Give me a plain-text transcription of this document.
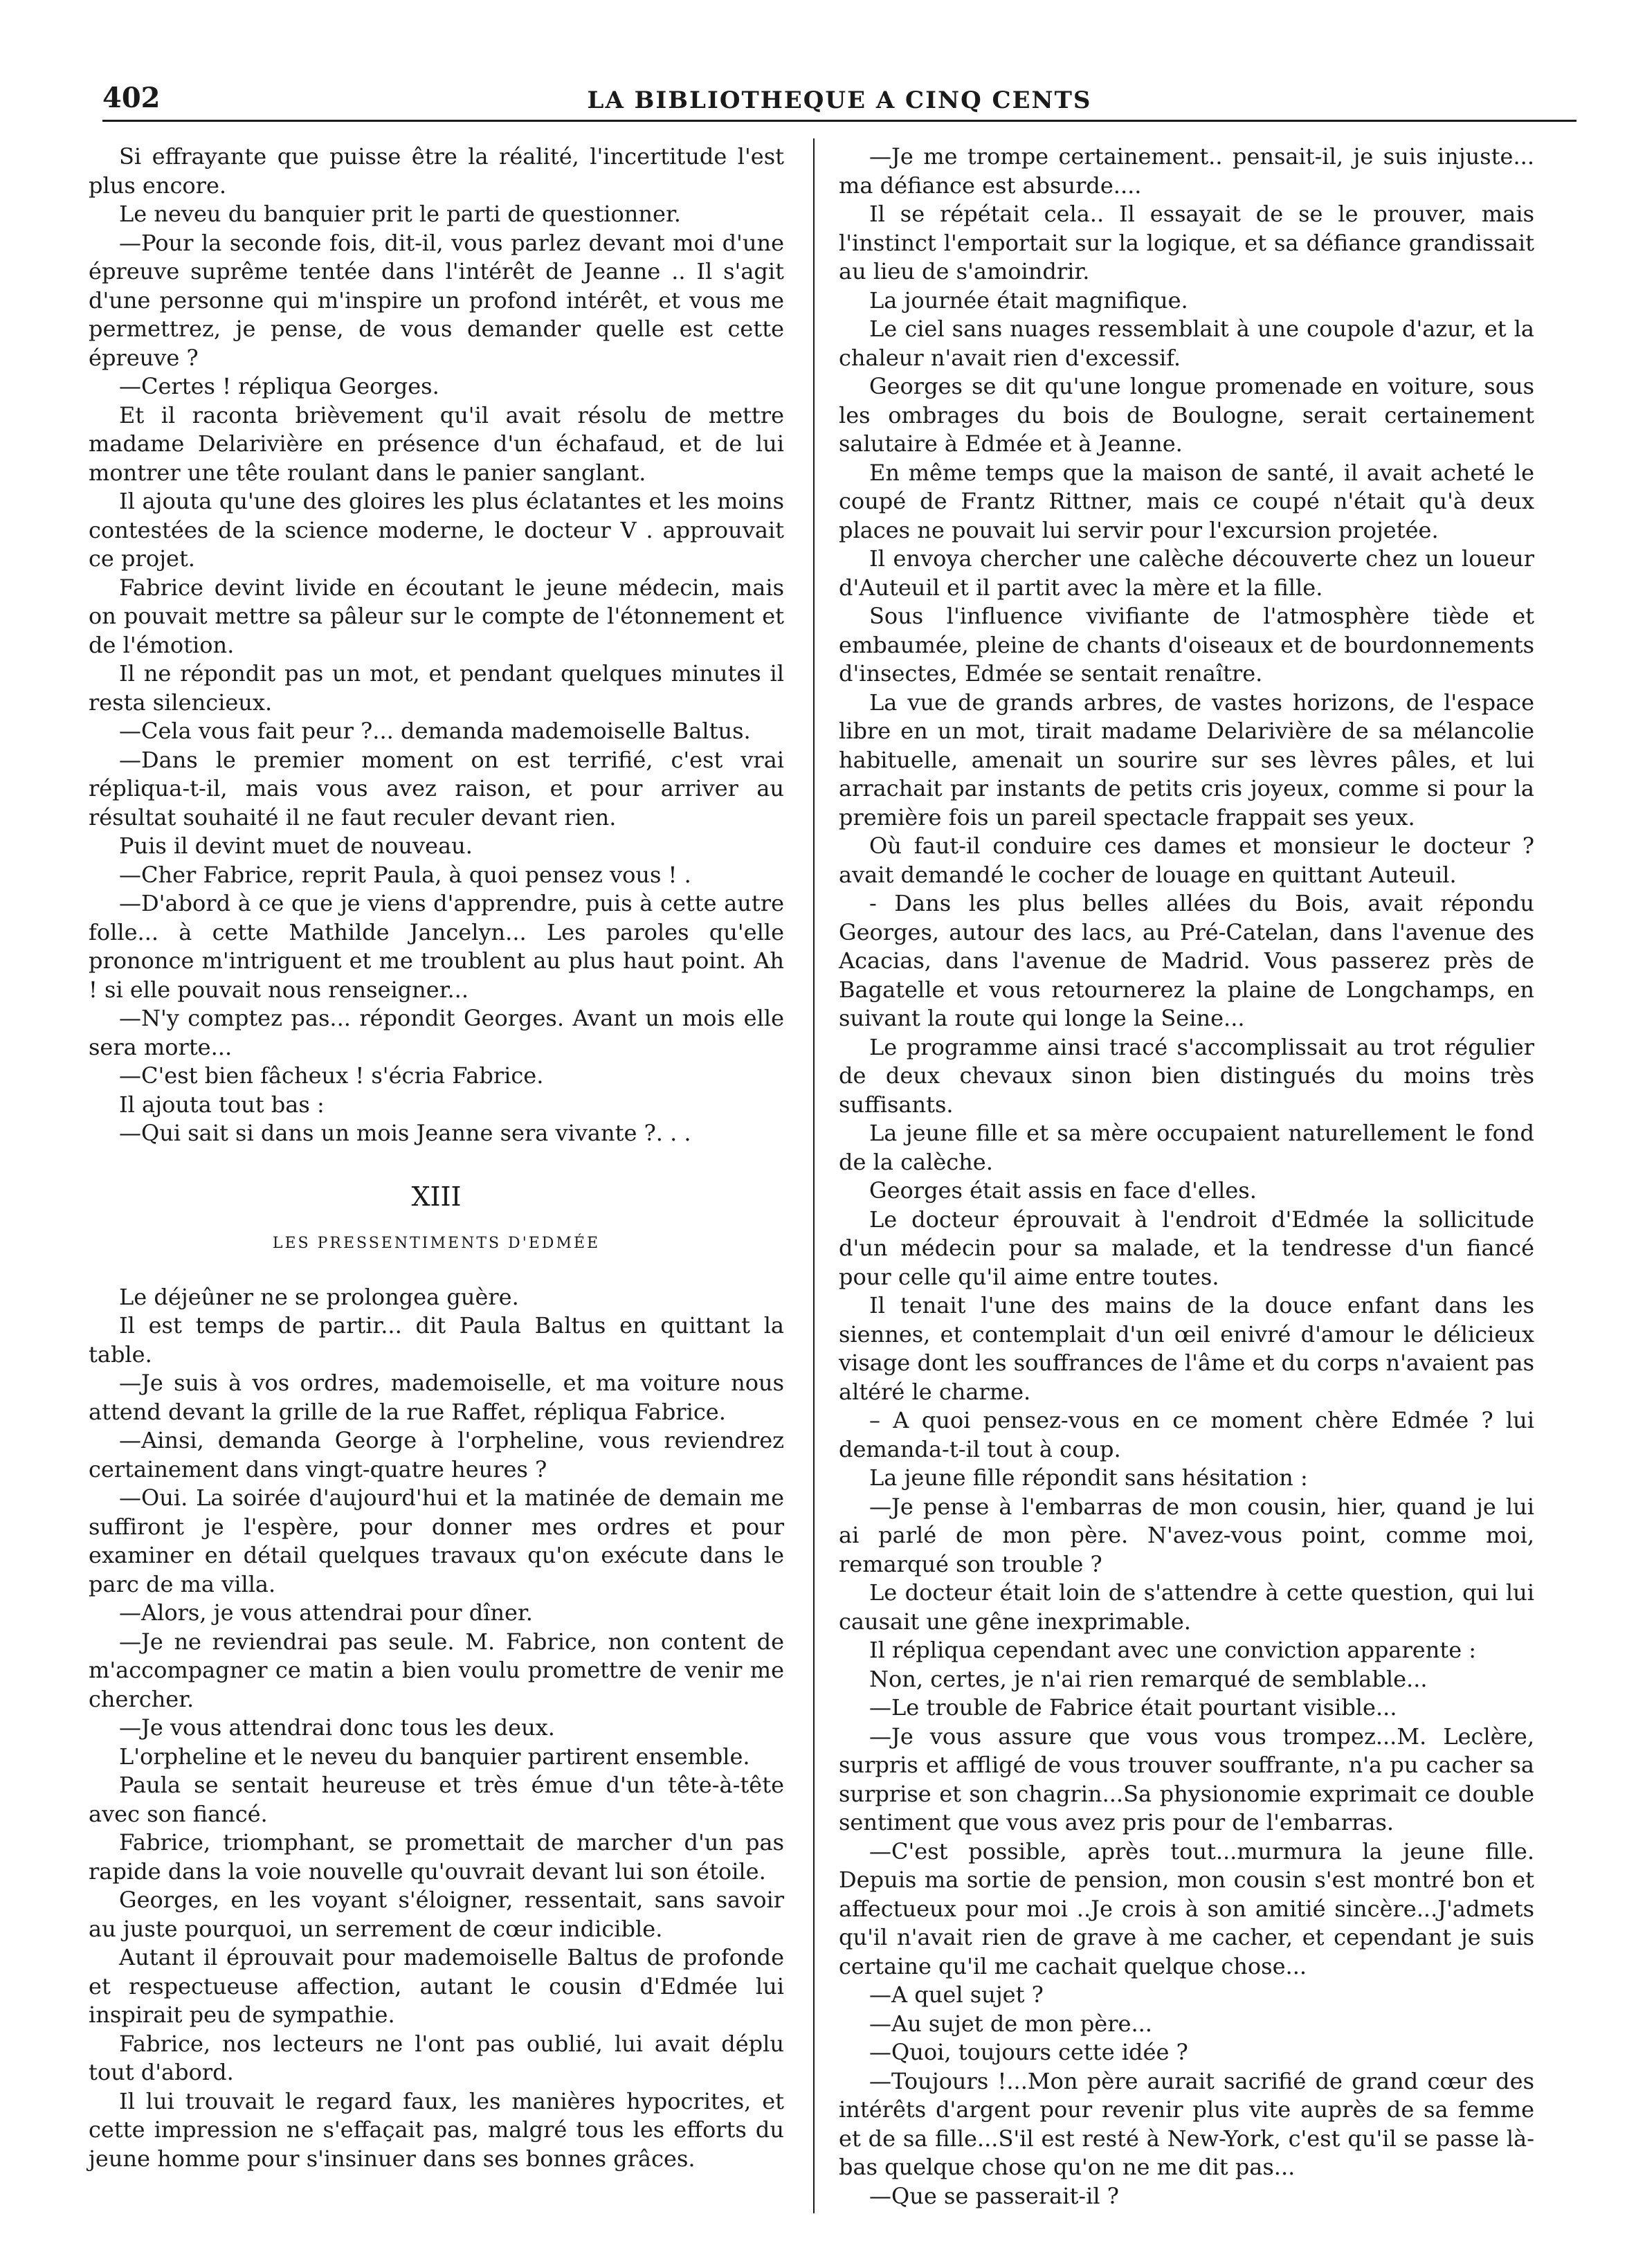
402	LA BIBLIOTHEQUE A CINQ CENTS

Si effrayante que puisse être la réalité, l'incertitude l'est plus encore.

Le neveu du banquier prit le parti de questionner.

—Pour la seconde fois, dit-il, vous parlez devant moi d'une épreuve suprême tentée dans l'intérêt de Jeanne .. Il s'agit d'une personne qui m'inspire un profond intérêt, et vous me permettrez, je pense, de vous demander quelle est cette épreuve ?

—Certes ! répliqua Georges.

Et il raconta brièvement qu'il avait résolu de mettre madame Delarivière en présence d'un échafaud, et de lui montrer une tête roulant dans le panier sanglant.

Il ajouta qu'une des gloires les plus éclatantes et les moins contestées de la science moderne, le docteur V . approuvait ce projet.

Fabrice devint livide en écoutant le jeune médecin, mais on pouvait mettre sa pâleur sur le compte de l'étonnement et de l'émotion.

Il ne répondit pas un mot, et pendant quelques minutes il resta silencieux.

—Cela vous fait peur ?... demanda mademoiselle Baltus.

—Dans le premier moment on est terrifié, c'est vrai répliqua-t-il, mais vous avez raison, et pour arriver au résultat souhaité il ne faut reculer devant rien.

Puis il devint muet de nouveau.

—Cher Fabrice, reprit Paula, à quoi pensez vous ! .

—D'abord à ce que je viens d'apprendre, puis à cette autre folle... à cette Mathilde Jancelyn... Les paroles qu'elle prononce m'intriguent et me troublent au plus haut point. Ah ! si elle pouvait nous renseigner...

—N'y comptez pas... répondit Georges. Avant un mois elle sera morte...

—C'est bien fâcheux ! s'écria Fabrice.

Il ajouta tout bas :

—Qui sait si dans un mois Jeanne sera vivante ?. . .

XIII

LES PRESSENTIMENTS D'EDMÉE

Le déjeûner ne se prolongea guère.

Il est temps de partir... dit Paula Baltus en quittant la table.

—Je suis à vos ordres, mademoiselle, et ma voiture nous attend devant la grille de la rue Raffet, répliqua Fabrice.

—Ainsi, demanda George à l'orpheline, vous reviendrez certainement dans vingt-quatre heures ?

—Oui. La soirée d'aujourd'hui et la matinée de demain me suffiront je l'espère, pour donner mes ordres et pour examiner en détail quelques travaux qu'on exécute dans le parc de ma villa.

—Alors, je vous attendrai pour dîner.

—Je ne reviendrai pas seule. M. Fabrice, non content de m'accompagner ce matin a bien voulu promettre de venir me chercher.

—Je vous attendrai donc tous les deux.

L'orpheline et le neveu du banquier partirent ensemble.

Paula se sentait heureuse et très émue d'un tête-à-tête avec son fiancé.

Fabrice, triomphant, se promettait de marcher d'un pas rapide dans la voie nouvelle qu'ouvrait devant lui son étoile.

Georges, en les voyant s'éloigner, ressentait, sans savoir au juste pourquoi, un serrement de cœur indicible.

Autant il éprouvait pour mademoiselle Baltus de profonde et respectueuse affection, autant le cousin d'Edmée lui inspirait peu de sympathie.

Fabrice, nos lecteurs ne l'ont pas oublié, lui avait déplu tout d'abord.

Il lui trouvait le regard faux, les manières hypocrites, et cette impression ne s'effaçait pas, malgré tous les efforts du jeune homme pour s'insinuer dans ses bonnes grâces.

—Je me trompe certainement.. pensait-il, je suis injuste... ma défiance est absurde....

Il se répétait cela.. Il essayait de se le prouver, mais l'instinct l'emportait sur la logique, et sa défiance grandissait au lieu de s'amoindrir.

La journée était magnifique.

Le ciel sans nuages ressemblait à une coupole d'azur, et la chaleur n'avait rien d'excessif.

Georges se dit qu'une longue promenade en voiture, sous les ombrages du bois de Boulogne, serait certainement salutaire à Edmée et à Jeanne.

En même temps que la maison de santé, il avait acheté le coupé de Frantz Rittner, mais ce coupé n'était qu'à deux places ne pouvait lui servir pour l'excursion projetée.

Il envoya chercher une calèche découverte chez un loueur d'Auteuil et il partit avec la mère et la fille.

Sous l'influence vivifiante de l'atmosphère tiède et embaumée, pleine de chants d'oiseaux et de bourdonnements d'insectes, Edmée se sentait renaître.

La vue de grands arbres, de vastes horizons, de l'espace libre en un mot, tirait madame Delarivière de sa mélancolie habituelle, amenait un sourire sur ses lèvres pâles, et lui arrachait par instants de petits cris joyeux, comme si pour la première fois un pareil spectacle frappait ses yeux.

Où faut-il conduire ces dames et monsieur le docteur ? avait demandé le cocher de louage en quittant Auteuil.

- Dans les plus belles allées du Bois, avait répondu Georges, autour des lacs, au Pré-Catelan, dans l'avenue des Acacias, dans l'avenue de Madrid. Vous passerez près de Bagatelle et vous retournerez la plaine de Longchamps, en suivant la route qui longe la Seine...

Le programme ainsi tracé s'accomplissait au trot régulier de deux chevaux sinon bien distingués du moins très suffisants.

La jeune fille et sa mère occupaient naturellement le fond de la calèche.

Georges était assis en face d'elles.

Le docteur éprouvait à l'endroit d'Edmée la sollicitude d'un médecin pour sa malade, et la tendresse d'un fiancé pour celle qu'il aime entre toutes.

Il tenait l'une des mains de la douce enfant dans les siennes, et contemplait d'un œil enivré d'amour le délicieux visage dont les souffrances de l'âme et du corps n'avaient pas altéré le charme.

– A quoi pensez-vous en ce moment chère Edmée ? lui demanda-t-il tout à coup.

La jeune fille répondit sans hésitation :

—Je pense à l'embarras de mon cousin, hier, quand je lui ai parlé de mon père. N'avez-vous point, comme moi, remarqué son trouble ?

Le docteur était loin de s'attendre à cette question, qui lui causait une gêne inexprimable.

Il répliqua cependant avec une conviction apparente :

Non, certes, je n'ai rien remarqué de semblable...

—Le trouble de Fabrice était pourtant visible...

—Je vous assure que vous vous trompez...M. Leclère, surpris et affligé de vous trouver souffrante, n'a pu cacher sa surprise et son chagrin...Sa physionomie exprimait ce double sentiment que vous avez pris pour de l'embarras.

—C'est possible, après tout...murmura la jeune fille. Depuis ma sortie de pension, mon cousin s'est montré bon et affectueux pour moi ..Je crois à son amitié sincère...J'admets qu'il n'avait rien de grave à me cacher, et cependant je suis certaine qu'il me cachait quelque chose...

—A quel sujet ?

—Au sujet de mon père...

—Quoi, toujours cette idée ?

—Toujours !...Mon père aurait sacrifié de grand cœur des intérêts d'argent pour revenir plus vite auprès de sa femme et de sa fille...S'il est resté à New-York, c'est qu'il se passe là-bas quelque chose qu'on ne me dit pas...

—Que se passerait-il ?
